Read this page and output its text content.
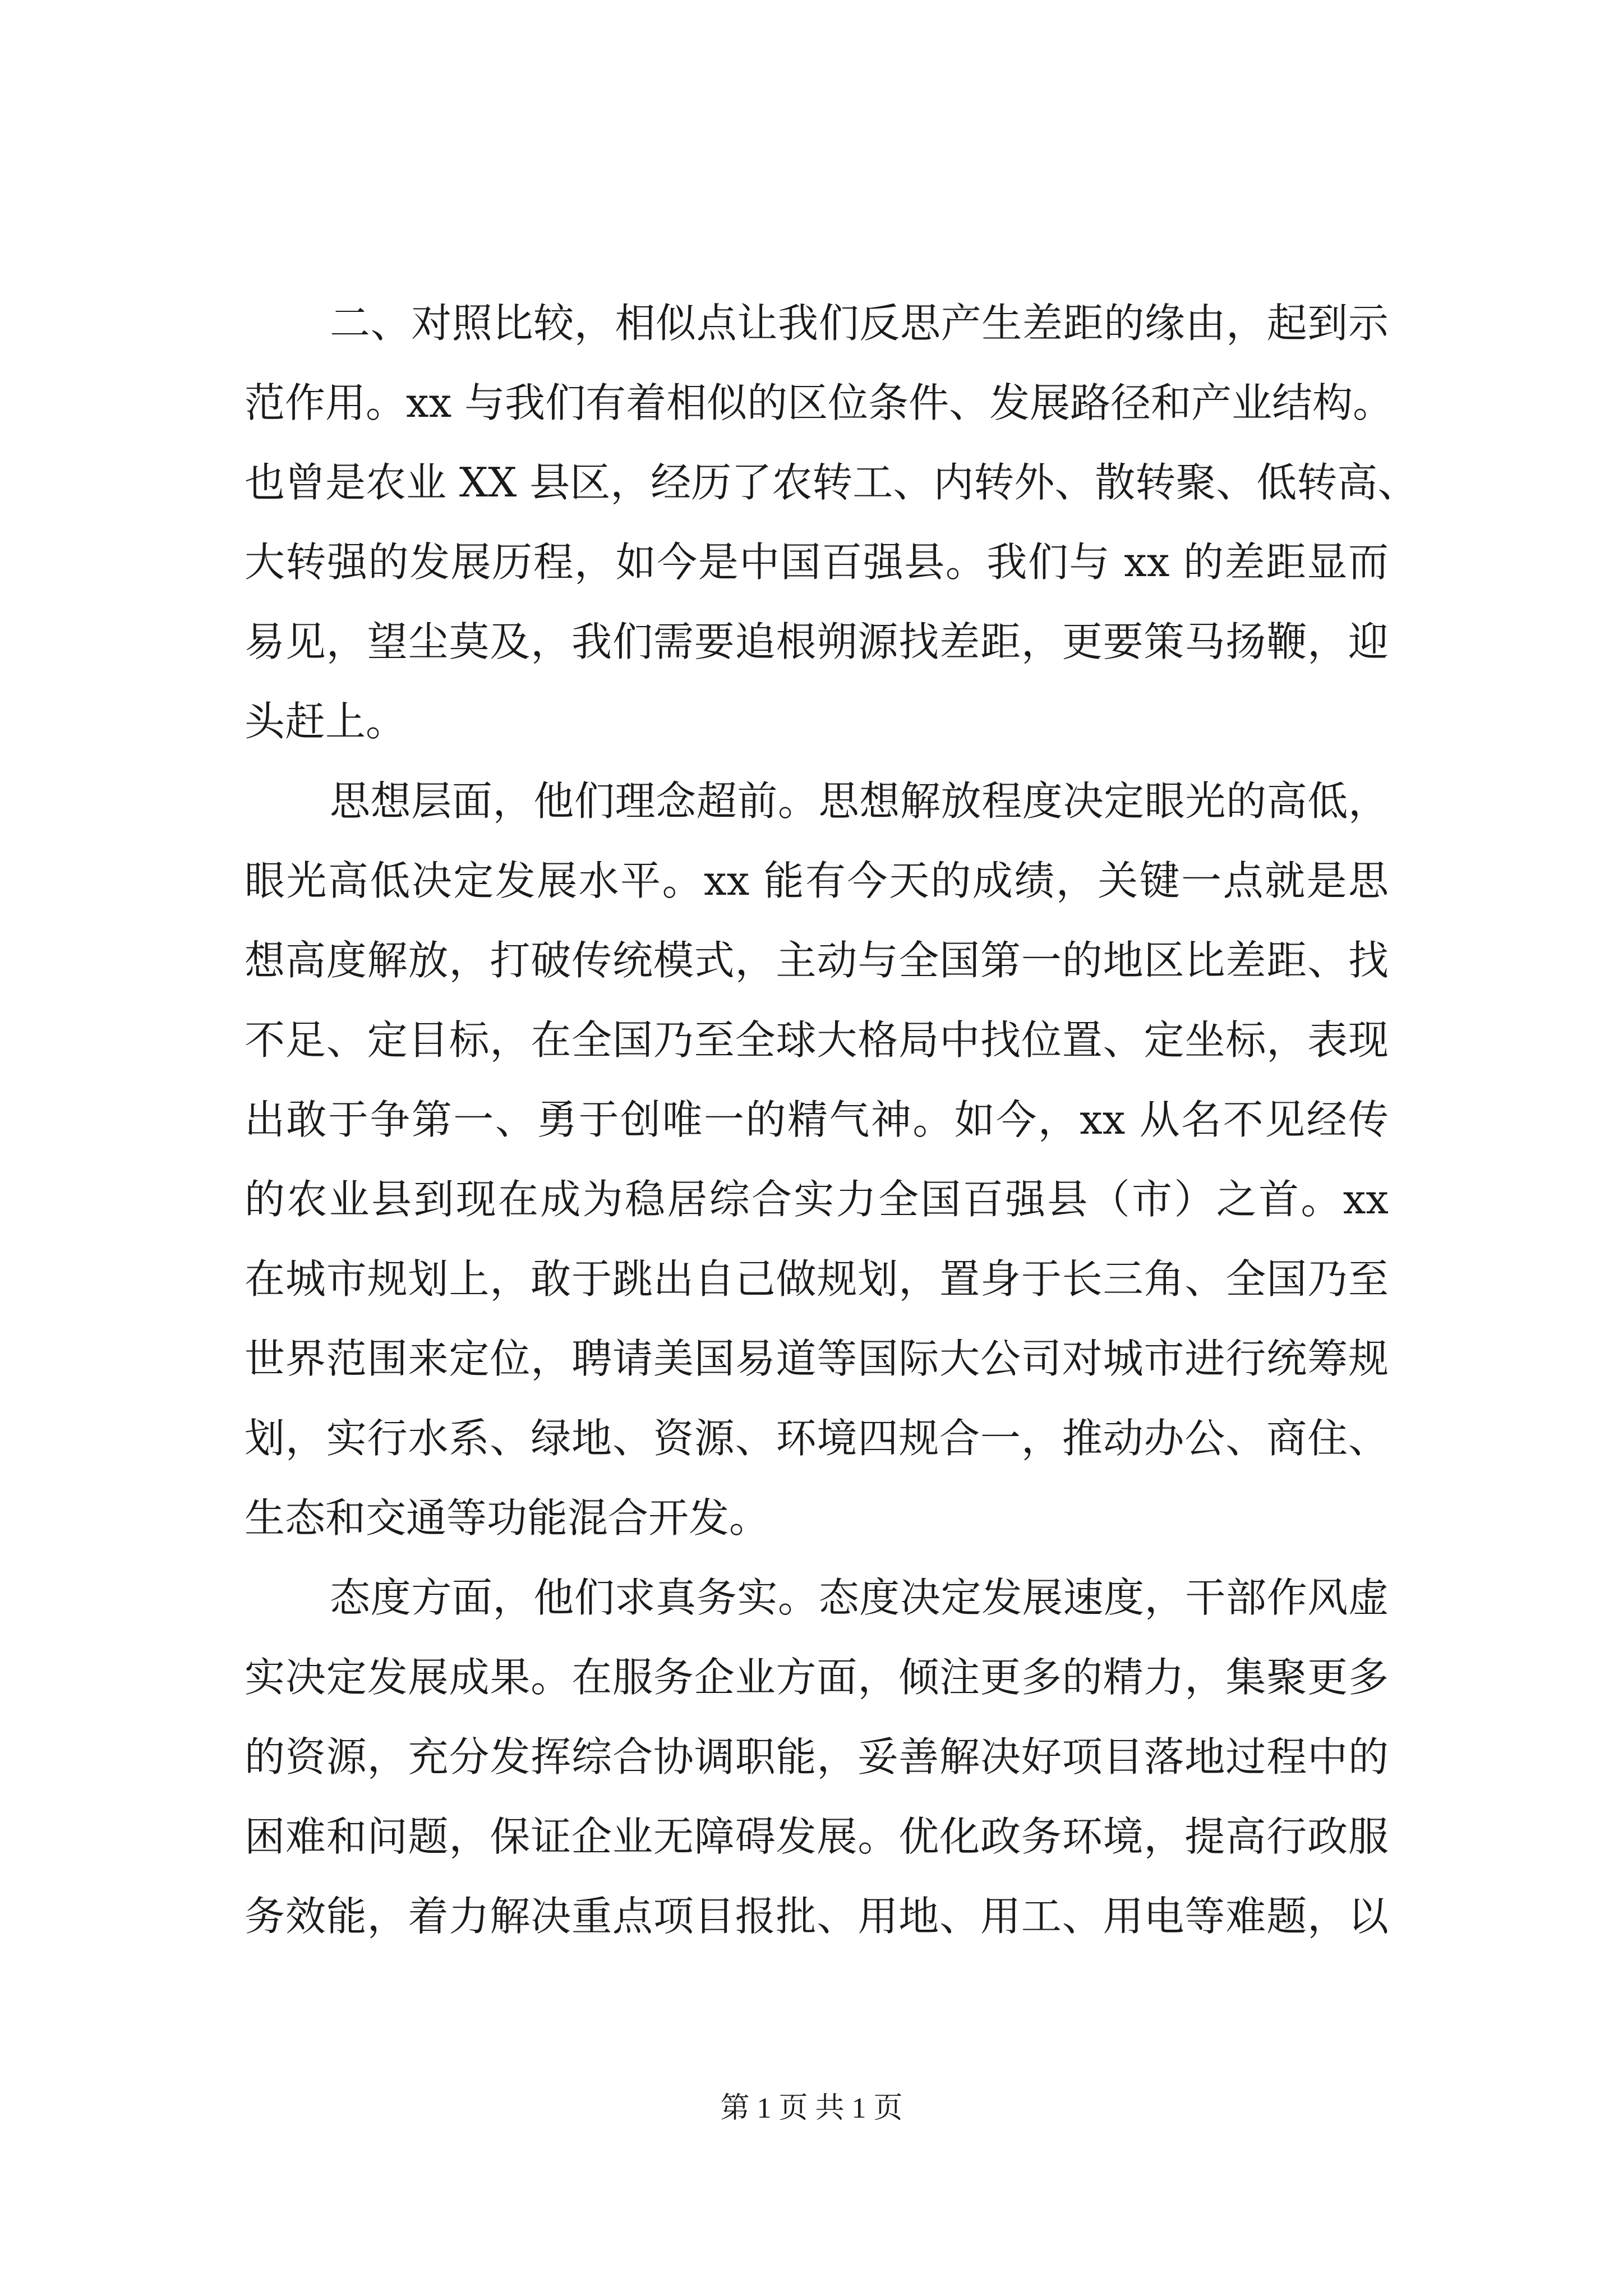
二、对照比较，相似点让我们反思产生差距的缘由，起到示
范作用。xx 与我们有着相似的区位条件、发展路径和产业结构。
也曾是农业 XX 县区，经历了农转工、内转外、散转聚、低转高、
大转强的发展历程，如今是中国百强县。我们与 xx 的差距显而
易见，望尘莫及，我们需要追根朔源找差距，更要策马扬鞭，迎
头赶上。
思想层面，他们理念超前。思想解放程度决定眼光的高低，
眼光高低决定发展水平。xx 能有今天的成绩，关键一点就是思
想高度解放，打破传统模式，主动与全国第一的地区比差距、找
不足、定目标，在全国乃至全球大格局中找位置、定坐标，表现
出敢于争第一、勇于创唯一的精气神。如今，xx 从名不见经传
的农业县到现在成为稳居综合实力全国百强县（市）之首。xx
在城市规划上，敢于跳出自己做规划，置身于长三角、全国乃至
世界范围来定位，聘请美国易道等国际大公司对城市进行统筹规
划，实行水系、绿地、资源、环境四规合一，推动办公、商住、
生态和交通等功能混合开发。
态度方面，他们求真务实。态度决定发展速度，干部作风虚
实决定发展成果。在服务企业方面，倾注更多的精力，集聚更多
的资源，充分发挥综合协调职能，妥善解决好项目落地过程中的
困难和问题，保证企业无障碍发展。优化政务环境，提高行政服
务效能，着力解决重点项目报批、用地、用工、用电等难题，以
第 1 页 共 1 页
